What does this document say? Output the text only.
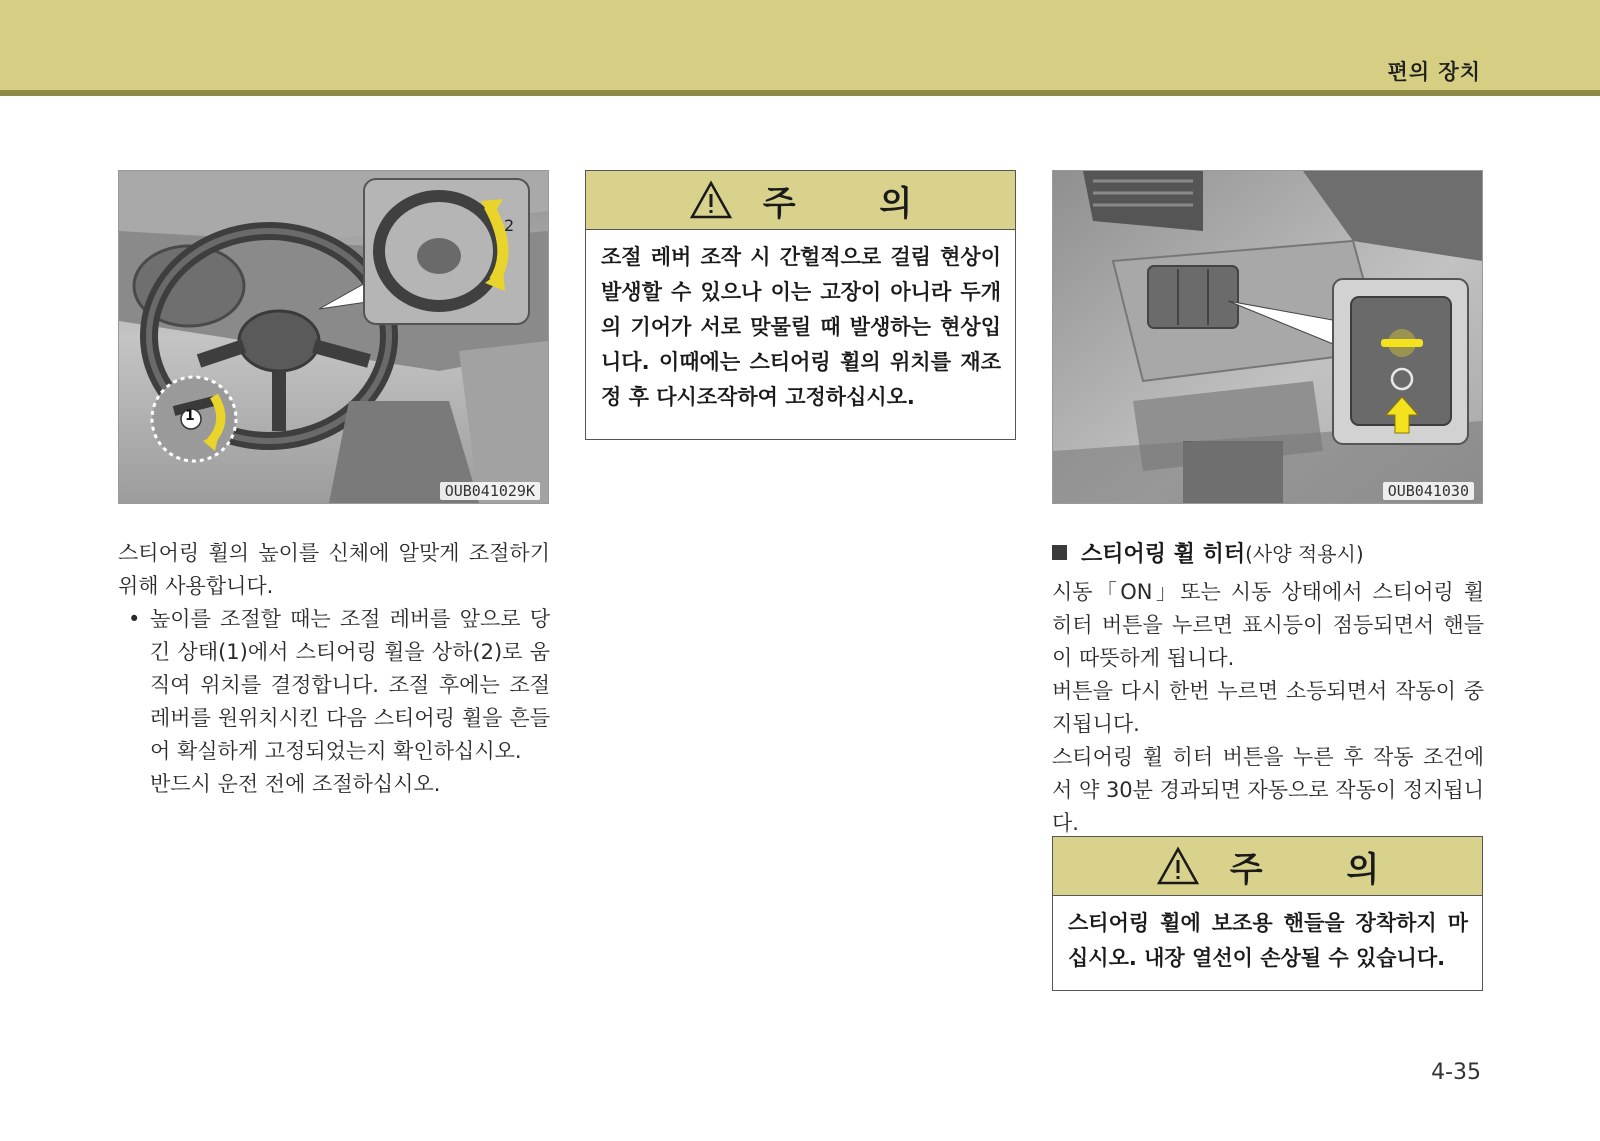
편의 장치
1
2
OUB041029K
주 의
조절 레버 조작 시 간헐적으로 걸림 현상이 발생할 수 있으나 이는 고장이 아니라 두개의 기어가 서로 맞물릴 때 발생하는 현상입니다. 이때에는 스티어링 휠의 위치를 재조정 후 다시조작하여 고정하십시오.
OUB041030

스티어링 휠의 높이를 신체에 알맞게 조절하기 위해 사용합니다.

• 높이를 조절할 때는 조절 레버를 앞으로 당긴 상태(1)에서 스티어링 휠을 상하(2)로 움직여 위치를 결정합니다. 조절 후에는 조절 레버를 원위치시킨 다음 스티어링 휠을 흔들어 확실하게 고정되었는지 확인하십시오.

반드시 운전 전에 조절하십시오.
스티어링 휠 히터(사양 적용시)

시동「ON」또는 시동 상태에서 스티어링 휠 히터 버튼을 누르면 표시등이 점등되면서 핸들이 따뜻하게 됩니다.

버튼을 다시 한번 누르면 소등되면서 작동이 중지됩니다.

스티어링 휠 히터 버튼을 누른 후 작동 조건에서 약 30분 경과되면 자동으로 작동이 정지됩니다.

주 의
스티어링 휠에 보조용 핸들을 장착하지 마십시오. 내장 열선이 손상될 수 있습니다.
4-35
